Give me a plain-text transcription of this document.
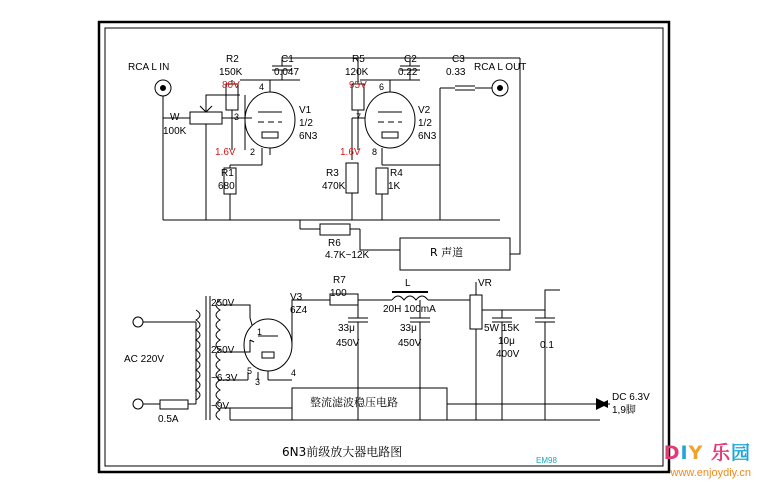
RCA L IN	RCA L OUT
W
100K
R2
150K
C1
0.047
R5
120K
C2
0.22
C3
0.33
80V	95V
1.6V	1.6V
V1
1/2
6N3
V2
1/2
6N3
4
3
2
6
7
8
R1
680
R3
470K
R4
1K
R6
4.7K~12K	R 声道
R7
100
V3
6Z4
1
5
3
4
L
20H 100mA
VR
5W 15K
33μ
450V
33μ
450V	10μ
400V
0.1
AC 220V
0.5A
250V
250V
~6.3V
~9V	整流滤波稳压电路	DC 6.3V
1,9脚
6N3前级放大器电路图
EM98	DIY 乐园
www.enjoydiy.cn
